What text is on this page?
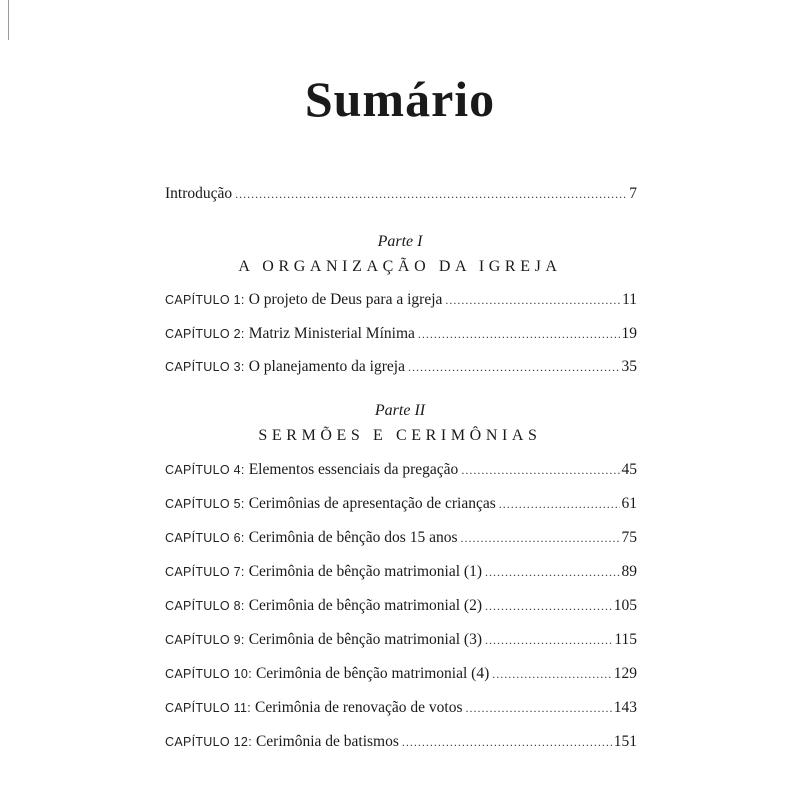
Sumário
Introdução .....	7
Parte I
A ORGANIZAÇÃO DA IGREJA
CAPÍTULO 1: O projeto de Deus para a igreja .....	11
CAPÍTULO 2: Matriz Ministerial Mínima .....	19
CAPÍTULO 3: O planejamento da igreja .....	35
Parte II
SERMÕES E CERIMÔNIAS
CAPÍTULO 4: Elementos essenciais da pregação .....	45
CAPÍTULO 5: Cerimônias de apresentação de crianças .....	61
CAPÍTULO 6: Cerimônia de bênção dos 15 anos .....	75
CAPÍTULO 7: Cerimônia de bênção matrimonial (1) .....	89
CAPÍTULO 8: Cerimônia de bênção matrimonial (2) .....	105
CAPÍTULO 9: Cerimônia de bênção matrimonial (3) .....	115
CAPÍTULO 10: Cerimônia de bênção matrimonial (4) .....	129
CAPÍTULO 11: Cerimônia de renovação de votos .....	143
CAPÍTULO 12: Cerimônia de batismos .....	151
